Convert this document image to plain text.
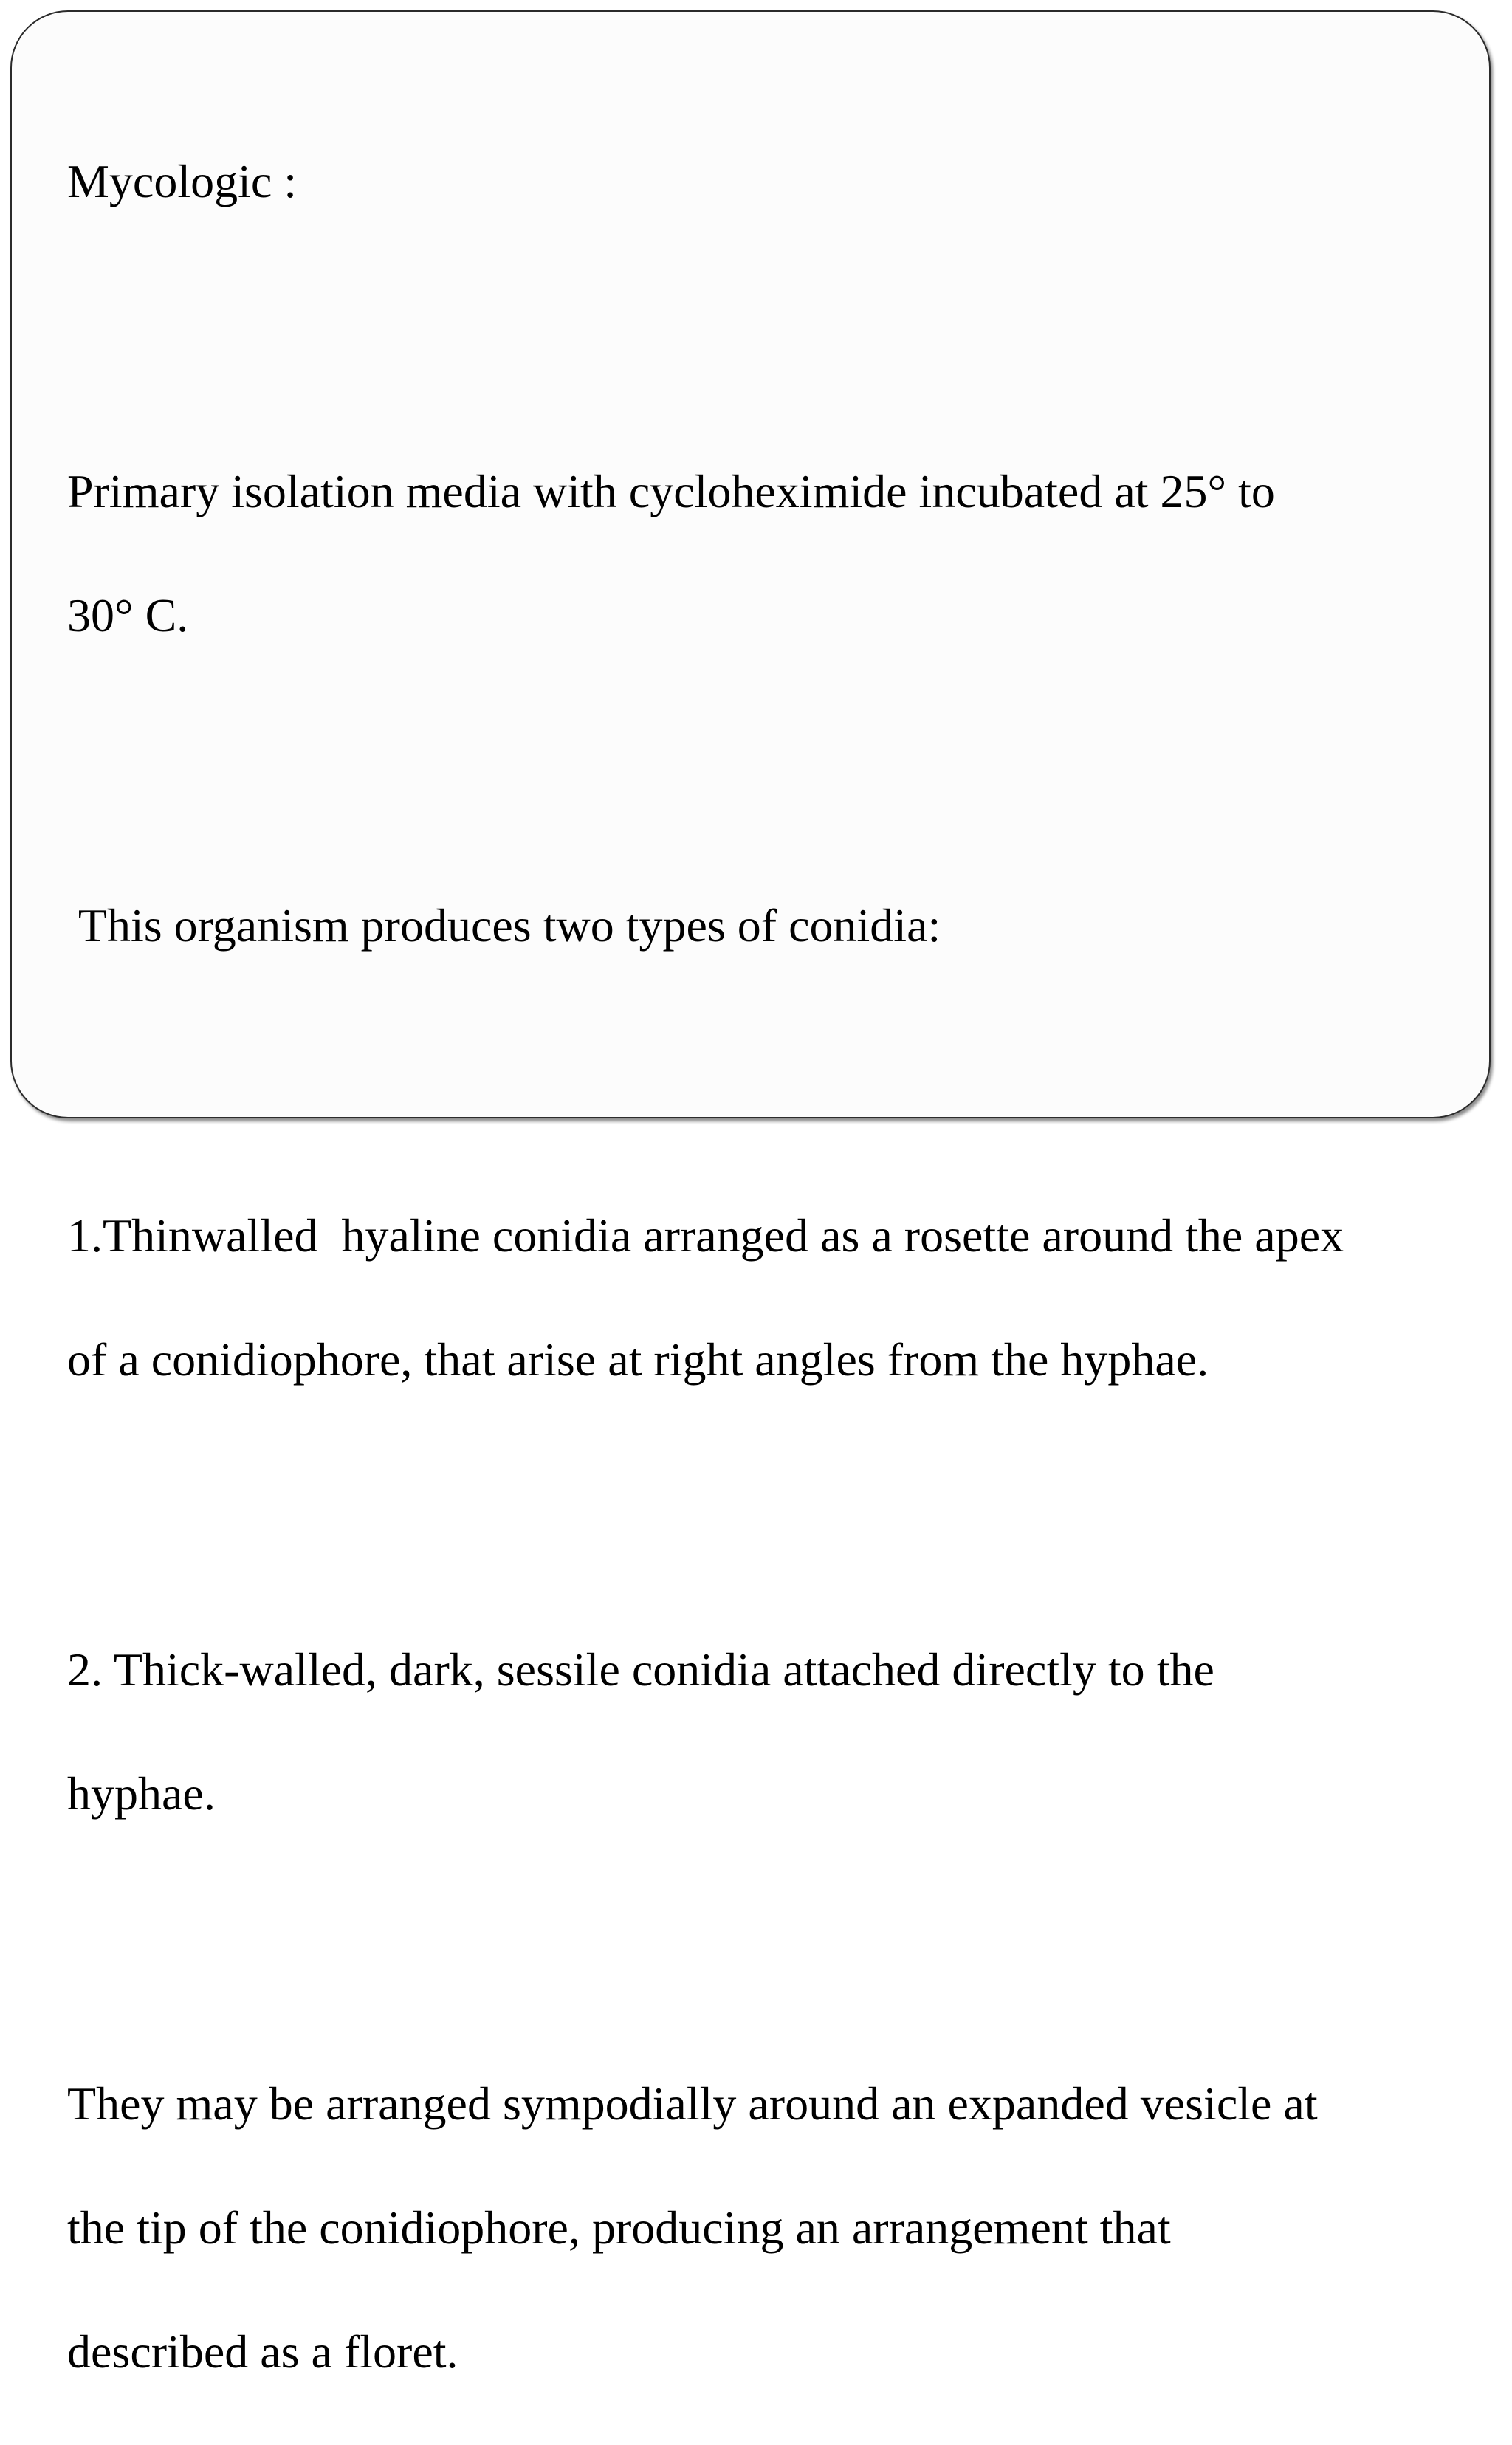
Mycologic :

Primary isolation media with cycloheximide incubated at 25° to

30° C.

This organism produces two types of conidia:

1.Thinwalled  hyaline conidia arranged as a rosette around the apex

of a conidiophore, that arise at right angles from the hyphae.

2. Thick-walled, dark, sessile conidia attached directly to the

hyphae.

They may be arranged sympodially around an expanded vesicle at

the tip of the conidiophore, producing an arrangement that

described as a floret.
